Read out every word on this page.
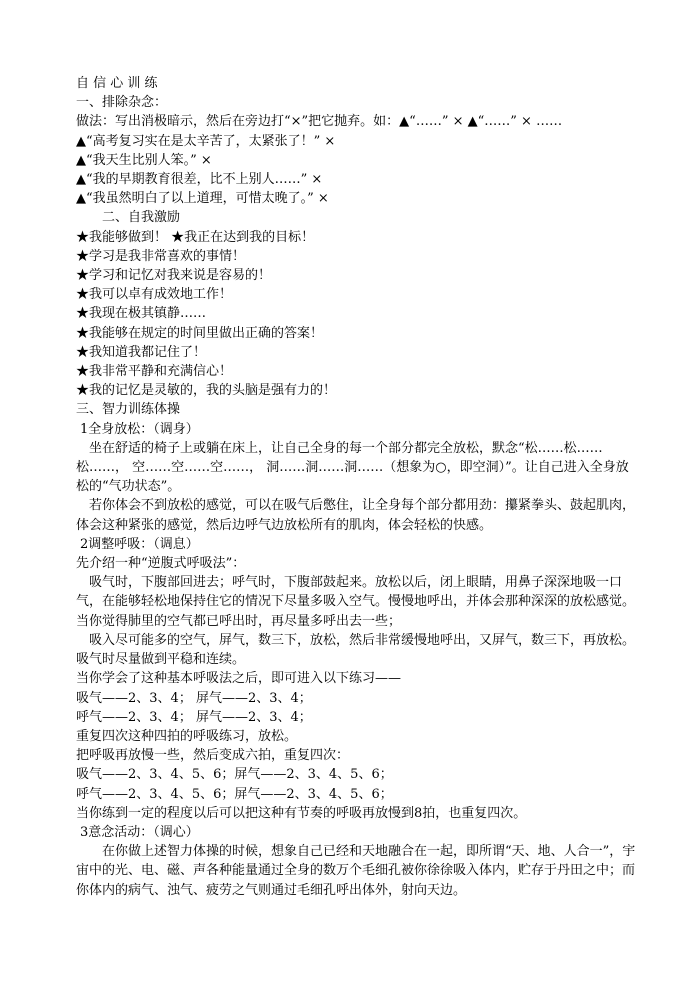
自 信 心 训 练
一、排除杂念：
做法：写出消极暗示，然后在旁边打“×”把它抛弃。如：▲“……” × ▲“……” × ……
▲“高考复习实在是太辛苦了，太紧张了！” ×
▲“我天生比别人笨。” ×
▲“我的早期教育很差，比不上别人……” ×
▲“我虽然明白了以上道理，可惜太晚了。” ×
二、自我激励
★我能够做到！ ★我正在达到我的目标！
★学习是我非常喜欢的事情！
★学习和记忆对我来说是容易的！
★我可以卓有成效地工作！
★我现在极其镇静……
★我能够在规定的时间里做出正确的答案！
★我知道我都记住了！
★我非常平静和充满信心！
★我的记忆是灵敏的，我的头脑是强有力的！
三、智力训练体操
1全身放松：（调身）
坐在舒适的椅子上或躺在床上，让自己全身的每一个部分都完全放松，默念“松……松……松……， 空……空……空……， 洞……洞……洞……（想象为○，即空洞）”。让自己进入全身放松的“气功状态”。
若你体会不到放松的感觉，可以在吸气后憋住，让全身每个部分都用劲：攥紧拳头、鼓起肌肉，体会这种紧张的感觉，然后边呼气边放松所有的肌肉，体会轻松的快感。
2调整呼吸：（调息）
先介绍一种“逆腹式呼吸法”：
吸气时，下腹部回进去；呼气时，下腹部鼓起来。放松以后，闭上眼睛，用鼻子深深地吸一口气，在能够轻松地保持住它的情况下尽量多吸入空气。慢慢地呼出，并体会那种深深的放松感觉。当你觉得肺里的空气都已呼出时，再尽量多呼出去一些；
吸入尽可能多的空气，屏气，数三下，放松，然后非常缓慢地呼出，又屏气，数三下，再放松。吸气时尽量做到平稳和连续。
当你学会了这种基本呼吸法之后，即可进入以下练习——
吸气——2、3、4； 屏气——2、3、4；
呼气——2、3、4； 屏气——2、3、4；
重复四次这种四拍的呼吸练习，放松。
把呼吸再放慢一些，然后变成六拍，重复四次：
吸气——2、3、4、5、6；屏气——2、3、4、5、6；
呼气——2、3、4、5、6；屏气——2、3、4、5、6；
当你练到一定的程度以后可以把这种有节奏的呼吸再放慢到8拍，也重复四次。
3意念活动：（调心）
在你做上述智力体操的时候，想象自己已经和天地融合在一起，即所谓“天、地、人合一”，宇宙中的光、电、磁、声各种能量通过全身的数万个毛细孔被你徐徐吸入体内，贮存于丹田之中；而你体内的病气、浊气、疲劳之气则通过毛细孔呼出体外，射向天边。
